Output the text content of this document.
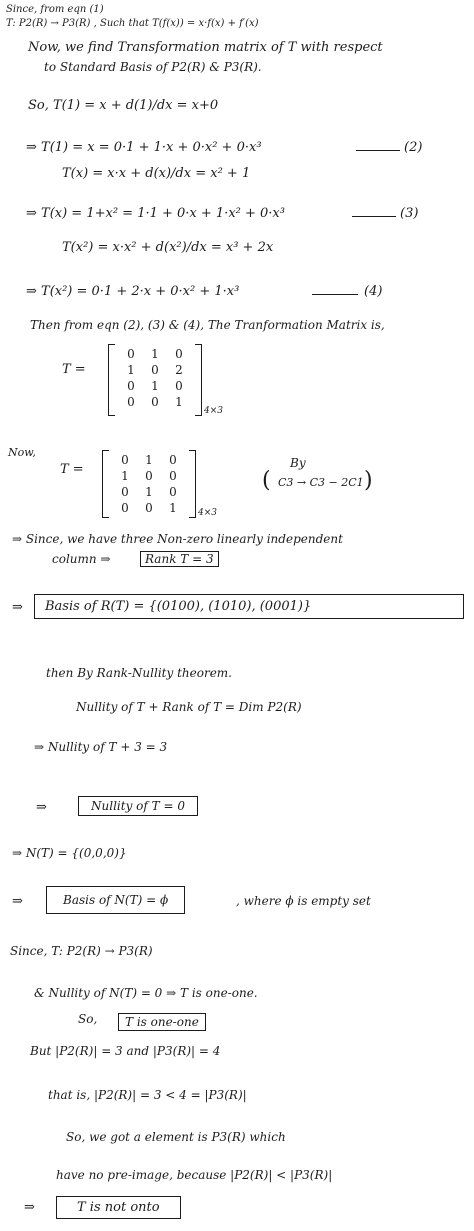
Since, from eqn (1)
T: P2(R) → P3(R) , Such that T(f(x)) = x·f(x) + f′(x)
Now, we find Transformation matrix of T with respect
to Standard Basis of P2(R) & P3(R).
So, T(1) = x + d(1)/dx = x+0
⇒ T(1) = x = 0·1 + 1·x + 0·x² + 0·x³	(2)
T(x) = x·x + d(x)/dx = x² + 1
⇒ T(x) = 1+x² = 1·1 + 0·x + 1·x² + 0·x³	(3)
T(x²) = x·x² + d(x²)/dx = x³ + 2x
⇒ T(x²) = 0·1 + 2·x + 0·x² + 1·x³	(4)
Then from eqn (2), (3) & (4), The Tranformation Matrix is,
T =
0	1	0
1	0	2
0	1	0
0	0	1
4×3
Now,
T =
0	1	0
1	0	0
0	1	0
0	0	1	4×3
(
By
C3 → C3 − 2C1 )
⇒ Since, we have three Non-zero linearly independent
column ⇒	Rank T = 3
⇒	Basis of R(T) = {(0100), (1010), (0001)}
then By Rank-Nullity theorem.
Nullity of T + Rank of T = Dim P2(R)
⇒ Nullity of T + 3 = 3
⇒	Nullity of T = 0
⇒ N(T) = {(0,0,0)}
⇒	Basis of N(T) = ϕ	, where ϕ is empty set
Since, T: P2(R) → P3(R)
& Nullity of N(T) = 0 ⇒ T is one-one.
So,	T is one-one
But |P2(R)| = 3 and |P3(R)| = 4
that is, |P2(R)| = 3 < 4 = |P3(R)|
So, we got a element is P3(R) which
have no pre-image, because |P2(R)| < |P3(R)|
⇒	T is not onto
